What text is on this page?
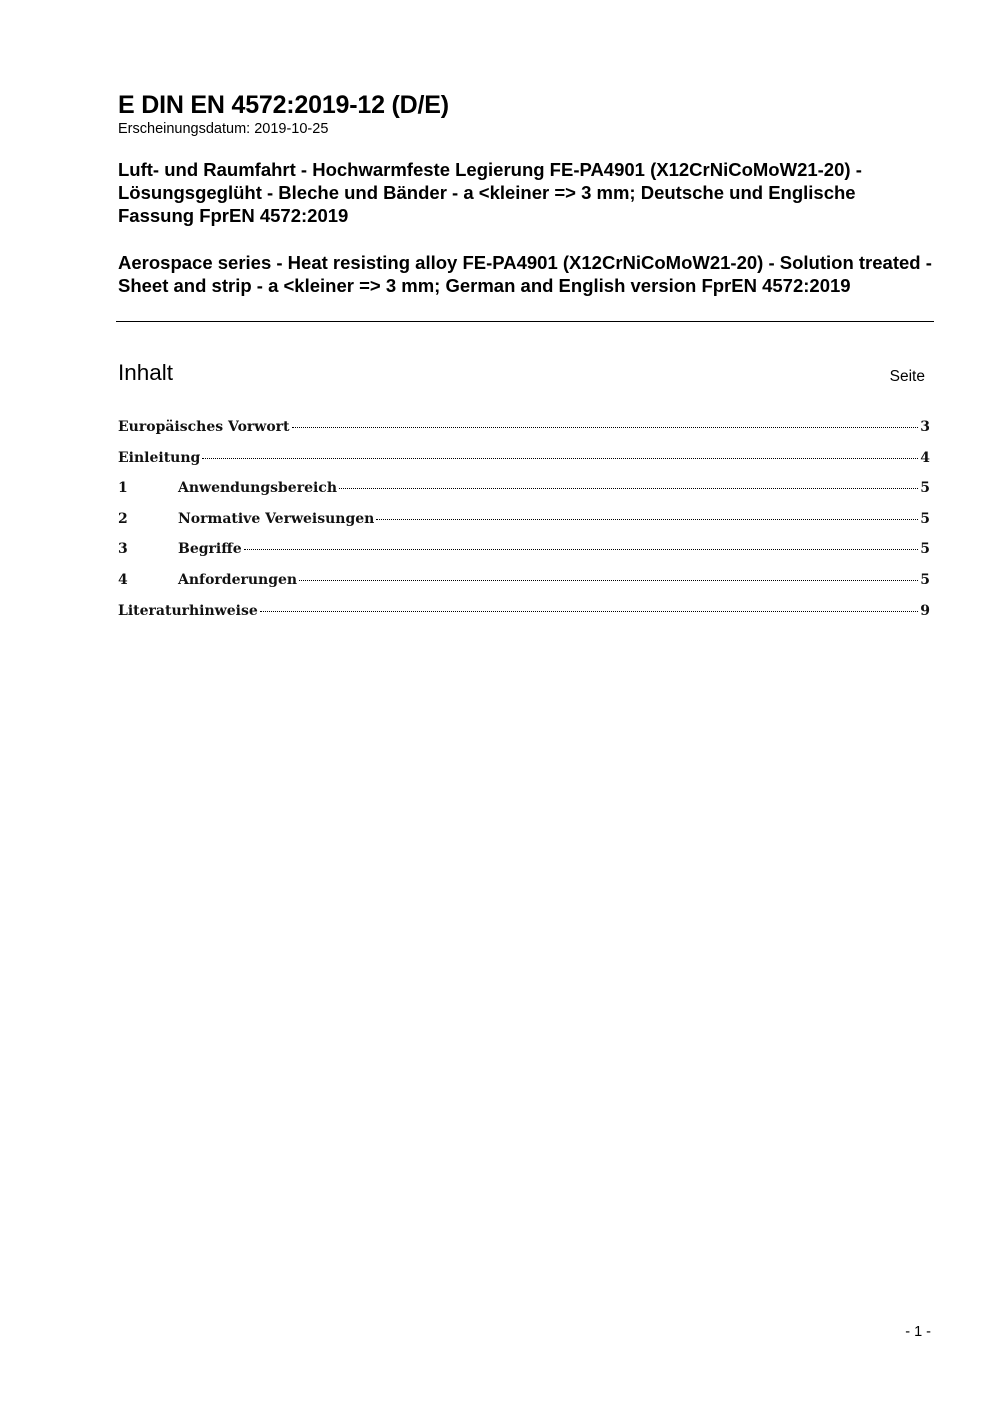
E DIN EN 4572:2019-12 (D/E)
Erscheinungsdatum: 2019-10-25
Luft- und Raumfahrt - Hochwarmfeste Legierung FE-PA4901 (X12CrNiCoMoW21-20) - Lösungsgeglüht - Bleche und Bänder - a <kleiner => 3 mm; Deutsche und Englische Fassung FprEN 4572:2019
Aerospace series - Heat resisting alloy FE-PA4901 (X12CrNiCoMoW21-20) - Solution treated - Sheet and strip - a <kleiner => 3 mm; German and English version FprEN 4572:2019
Inhalt	Seite
Europäisches Vorwort	3
Einleitung	4
1	Anwendungsbereich	5
2	Normative Verweisungen	5
3	Begriffe	5
4	Anforderungen	5
Literaturhinweise	9
- 1 -
